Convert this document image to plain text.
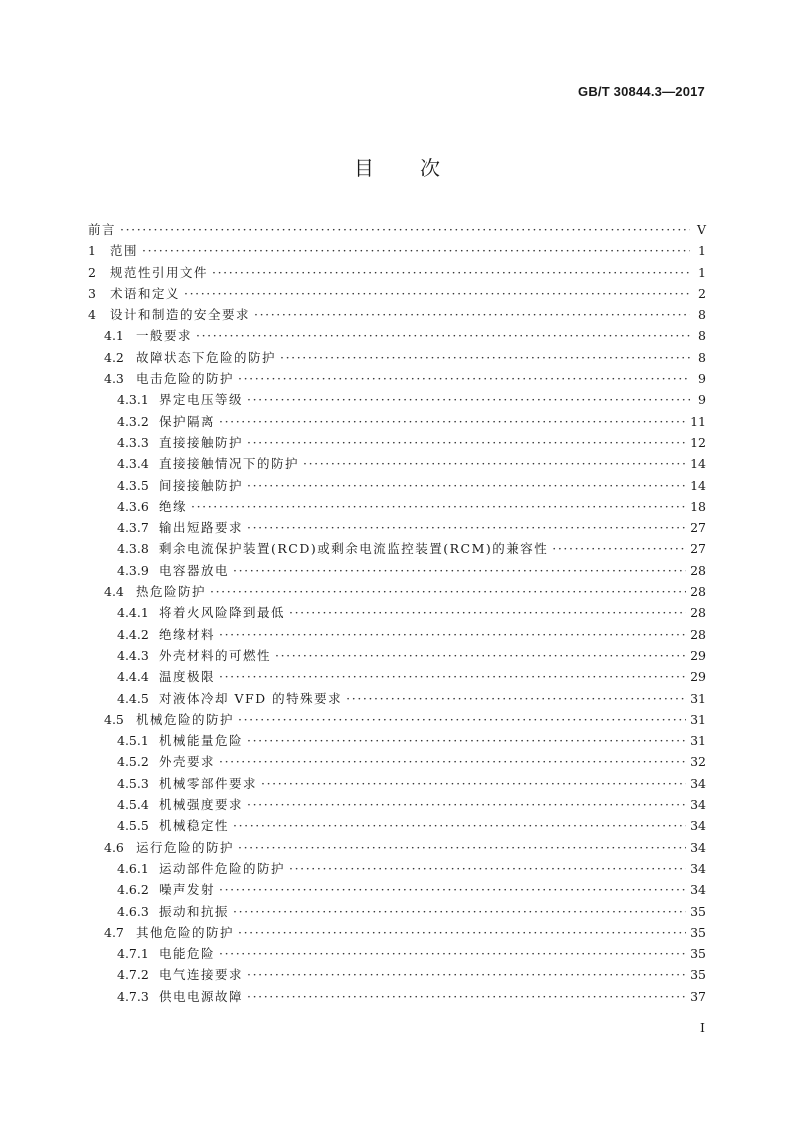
GB/T 30844.3—2017
目次
前言 ·····	V
1	范围 ·····	1
2	规范性引用文件 ·····	1
3	术语和定义 ·····	2
4	设计和制造的安全要求 ·····	8
4.1 一般要求 ·····	8
4.2 故障状态下危险的防护 ·····	8
4.3 电击危险的防护 ·····	9
4.3.1 界定电压等级 ·····	9
4.3.2 保护隔离 ·····	11
4.3.3 直接接触防护 ·····	12
4.3.4 直接接触情况下的防护 ·····	14
4.3.5 间接接触防护 ·····	14
4.3.6 绝缘 ·····	18
4.3.7 输出短路要求 ·····	27
4.3.8 剩余电流保护装置(RCD)或剩余电流监控装置(RCM)的兼容性 ·····	27
4.3.9 电容器放电 ·····	28
4.4 热危险防护 ·····	28
4.4.1 将着火风险降到最低 ·····	28
4.4.2 绝缘材料 ·····	28
4.4.3 外壳材料的可燃性 ·····	29
4.4.4 温度极限 ·····	29
4.4.5 对液体冷却 VFD 的特殊要求 ·····	31
4.5 机械危险的防护 ·····	31
4.5.1 机械能量危险 ·····	31
4.5.2 外壳要求 ·····	32
4.5.3 机械零部件要求 ·····	34
4.5.4 机械强度要求 ·····	34
4.5.5 机械稳定性 ·····	34
4.6 运行危险的防护 ·····	34
4.6.1 运动部件危险的防护 ·····	34
4.6.2 噪声发射 ·····	34
4.6.3 振动和抗振 ·····	35
4.7 其他危险的防护 ·····	35
4.7.1 电能危险 ·····	35
4.7.2 电气连接要求 ·····	35
4.7.3 供电电源故障 ·····	37
I
